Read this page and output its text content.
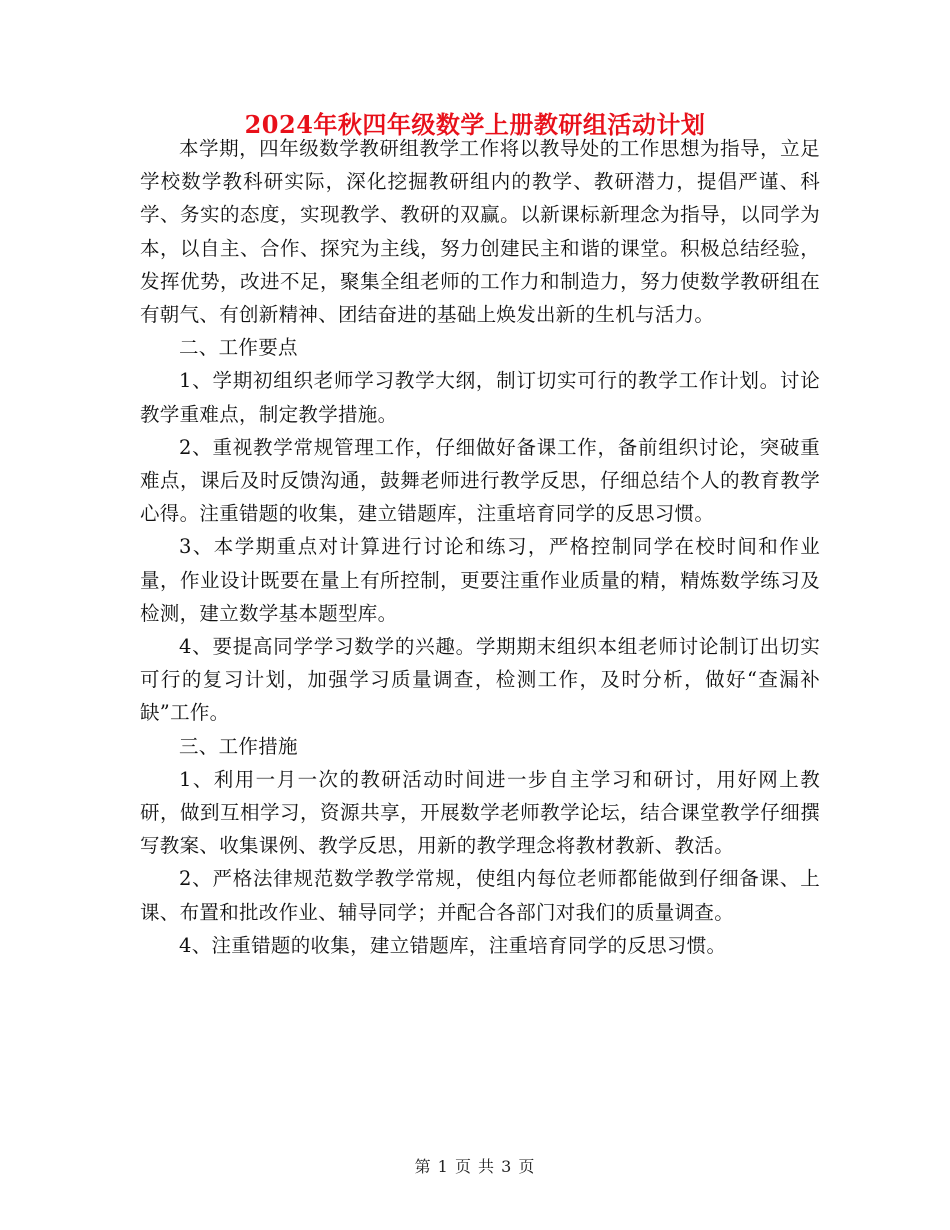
2024年秋四年级数学上册教研组活动计划

本学期，四年级数学教研组教学工作将以教导处的工作思想为指导，立足学校数学教科研实际，深化挖掘教研组内的教学、教研潜力，提倡严谨、科学、务实的态度，实现教学、教研的双赢。以新课标新理念为指导，以同学为本，以自主、合作、探究为主线，努力创建民主和谐的课堂。积极总结经验，发挥优势，改进不足，聚集全组老师的工作力和制造力，努力使数学教研组在有朝气、有创新精神、团结奋进的基础上焕发出新的生机与活力。

二、工作要点

1、学期初组织老师学习教学大纲，制订切实可行的教学工作计划。讨论教学重难点，制定教学措施。

2、重视教学常规管理工作，仔细做好备课工作，备前组织讨论，突破重难点，课后及时反馈沟通，鼓舞老师进行教学反思，仔细总结个人的教育教学心得。注重错题的收集，建立错题库，注重培育同学的反思习惯。

3、本学期重点对计算进行讨论和练习，严格控制同学在校时间和作业量，作业设计既要在量上有所控制，更要注重作业质量的精，精炼数学练习及检测，建立数学基本题型库。

4、要提高同学学习数学的兴趣。学期期末组织本组老师讨论制订出切实可行的复习计划，加强学习质量调查，检测工作，及时分析，做好“查漏补缺”工作。

三、工作措施

1、利用一月一次的教研活动时间进一步自主学习和研讨，用好网上教研，做到互相学习，资源共享，开展数学老师教学论坛，结合课堂教学仔细撰写教案、收集课例、教学反思，用新的教学理念将教材教新、教活。

2、严格法律规范数学教学常规，使组内每位老师都能做到仔细备课、上课、布置和批改作业、辅导同学；并配合各部门对我们的质量调查。

4、注重错题的收集，建立错题库，注重培育同学的反思习惯。

第 1 页 共 3 页
